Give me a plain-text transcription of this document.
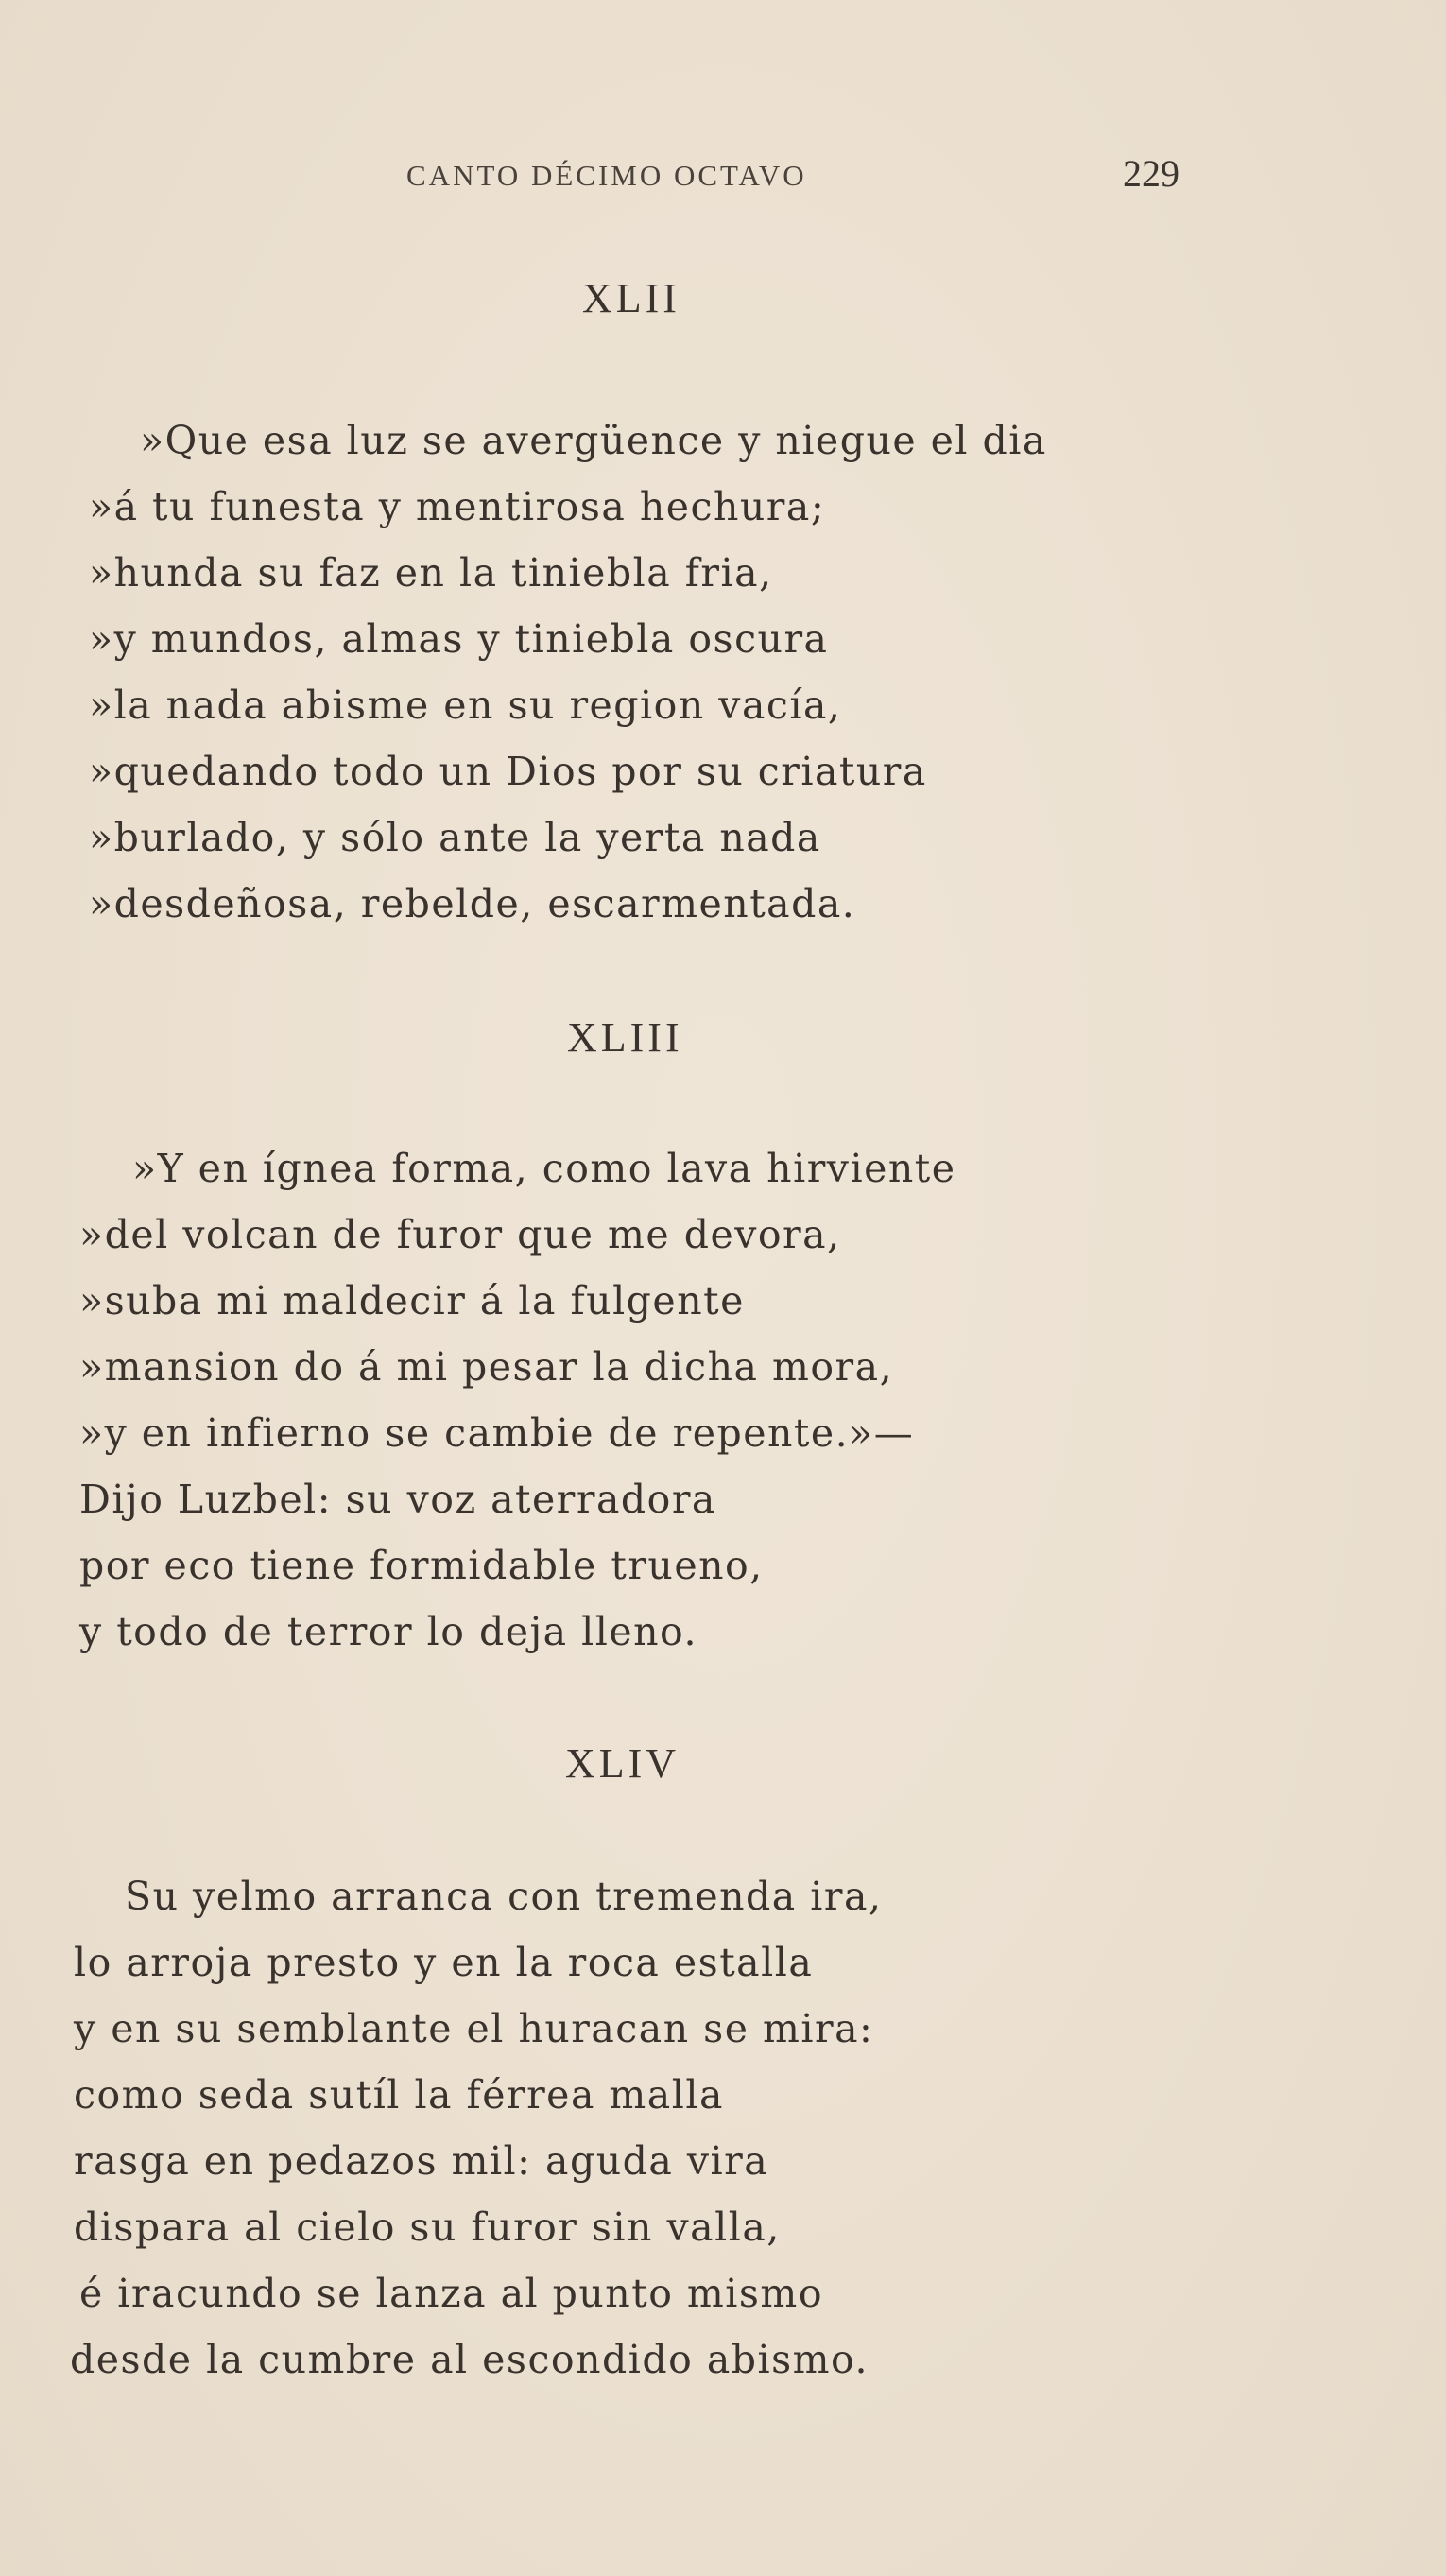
CANTO DÉCIMO OCTAVO	229
XLII
»Que esa luz se avergüence y niegue el dia
»á tu funesta y mentirosa hechura;
»hunda su faz en la tiniebla fria,
»y mundos, almas y tiniebla oscura
»la nada abisme en su region vacía,
»quedando todo un Dios por su criatura
»burlado, y sólo ante la yerta nada
»desdeñosa, rebelde, escarmentada.
XLIII
»Y en ígnea forma, como lava hirviente
»del volcan de furor que me devora,
»suba mi maldecir á la fulgente
»mansion do á mi pesar la dicha mora,
»y en infierno se cambie de repente.»—
Dijo Luzbel: su voz aterradora
por eco tiene formidable trueno,
y todo de terror lo deja lleno.
XLIV
Su yelmo arranca con tremenda ira,
lo arroja presto y en la roca estalla
y en su semblante el huracan se mira:
como seda sutíl la férrea malla
rasga en pedazos mil: aguda vira
dispara al cielo su furor sin valla,
é iracundo se lanza al punto mismo
desde la cumbre al escondido abismo.
